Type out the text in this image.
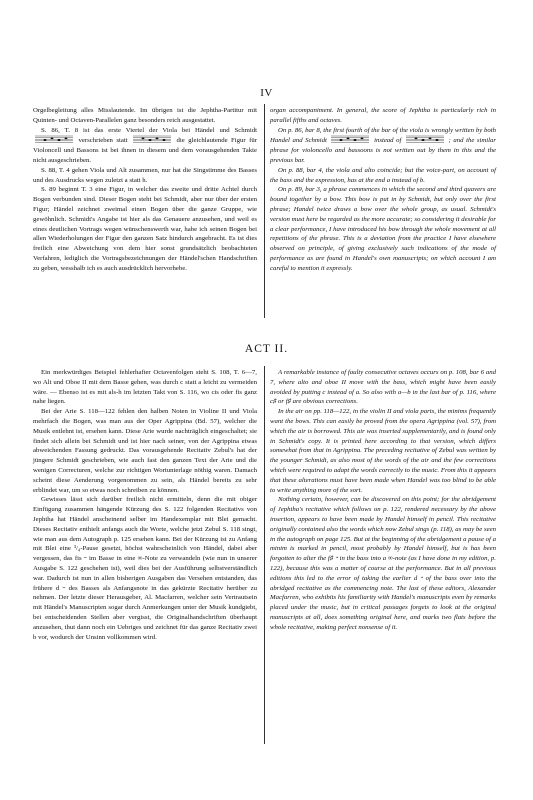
IV

Orgelbegleitung alles Misslautende. Im übrigen ist die Jephtha-Partitur mit Quinten- und Octaven-Parallelen ganz besonders reich ausgestattet.

S. 86, T. 8 ist das erste Viertel der Viola bei Händel und Schmidt
verschrieben statt	die gleichlautende Figur für Violoncell und Bassons ist bei ihnen in diesem und dem vorausgehenden Takte nicht ausgeschrieben.

S. 88, T. 4 gehen Viola und Alt zusammen, nur hat die Singstimme des Basses und des Ausdrucks wegen zuletzt a statt h.

S. 89 beginnt T. 3 eine Figur, in welcher das zweite und dritte Achtel durch Bogen verbunden sind. Dieser Bogen steht bei Schmidt, aber nur über der ersten Figur; Händel zeichnet zweimal einen Bogen über die ganze Gruppe, wie gewöhnlich. Schmidt's Angabe ist hier als das Genauere anzusehen, und weil es eines deutlichen Vortrags wegen wünschenswerth war, habe ich seinen Bogen bei allen Wiederholungen der Figur den ganzen Satz hindurch angebracht. Es ist dies freilich eine Abweichung von dem hier sonst grundsätzlich beobachteten Verfahren, lediglich die Vortragsbezeichnungen der Händel'schen Handschriften zu geben, wesshalb ich es auch ausdrücklich hervorhebe.

organ accompaniment. In general, the score of Jephtha is particularly rich in parallel fifths and octaves.

On p. 86, bar 8, the first fourth of the bar of the viola is wrongly written by both Handel and Schmidt	instead of	; and the similar phrase for violoncello and bassoons is not written out by them in this and the previous bar.

On p. 88, bar 4, the viola and alto coincide; but the voice-part, on account of the bass and the expression, has at the end a instead of b.

On p. 89, bar 3, a phrase commences in which the second and third quavers are bound together by a bow. This bow is put in by Schmidt, but only over the first phrase; Handel twice draws a bow over the whole group, as usual. Schmidt's version must here be regarded as the more accurate; so considering it desirable for a clear performance, I have introduced his bow through the whole movement at all repetitions of the phrase. This is a deviation from the practice I have elsewhere observed on principle, of giving exclusively such indications of the mode of performance as are found in Handel's own manuscripts; on which account I am careful to mention it expressly.

ACT II.

Ein merkwürdiges Beispiel fehlerhafter Octavenfolgen steht S. 108, T. 6—7, wo Alt und Oboe II mit dem Basse gehen, was durch c statt a leicht zu vermeiden wäre. — Ebenso ist es mit als-h im letzten Takt von S. 116, wo cis oder fis ganz nahe liegen.

Bei der Arie S. 118—122 fehlen den halben Noten in Violine II und Viola mehrfach die Bogen, was man aus der Oper Agrippina (Bd. 57), welcher die Musik entlehnt ist, ersehen kann. Diese Arie wurde nachträglich eingeschaltet; sie findet sich allein bei Schmidt und ist hier nach seiner, von der Agrippina etwas abweichenden Fassung gedruckt. Das vorausgehende Recitativ Zebul's hat der jüngere Schmidt geschrieben, wie auch fast den ganzen Text der Arie und die wenigen Correcturen, welche zur richtigen Wortunterlage nöthig waren. Damach scheint diese Aenderung vorgenommen zu sein, als Händel bereits zu sehr erblindet war, um so etwas noch schreiben zu können.

Gewisses lässt sich darüber freilich nicht ermitteln, denn die mit obiger Einfügung zusammen hängende Kürzung des S. 122 folgenden Recitativs von Jephtha hat Händel anscheinend selber im Handexemplar mit Blei gemacht. Dieses Recitativ enthielt anfangs auch die Worte, welche jetzt Zebul S. 118 singt, wie man aus dem Autograph p. 125 ersehen kann. Bei der Kürzung ist zu Anfang mit Blei eine ³/₄-Pause gesetzt, höchst wahrscheinlich von Händel, dabei aber vergessen, das fis 𝄼 im Basse in eine ∞-Note zu verwandeln (wie nun in unserer Ausgabe S. 122 geschehen ist), weil dies bei der Ausführung selbstverständlich war. Dadurch ist nun in allen bisherigen Ausgaben das Versehen entstanden, das frühere d 𝄼 des Basses als Anfangsnote in das gekürzte Recitativ herüber zu nehmen. Der letzte dieser Herausgeber, Al. Macfarren, welcher sein Vertrautsein mit Händel's Manuscripten sogar durch Anmerkungen unter der Musik kundgiebt, bei entscheidenden Stellen aber vergisst, die Originalhandschriften überhaupt anzusehen, thut dann noch ein Uebriges und zeichnet für das ganze Recitativ zwei b vor, wodurch der Unsinn vollkommen wird.

A remarkable instance of faulty consecutive octaves occurs on p. 108, bar 6 and 7, where alto and oboe II move with the bass, which might have been easily avoided by putting c instead of a. So also with a—b in the last bar of p. 116, where c♯ or f♯ are obvious corrections.

In the air on pp. 118—122, in the violin II and viola parts, the minims frequently want the bows. This can easily be proved from the opera Agrippina (vol. 57), from which the air is borrowed. This air was inserted supplementarily, and is found only in Schmidt's copy. It is printed here according to that version, which differs somewhat from that in Agrippina. The preceding recitative of Zebul was written by the younger Schmidt, as also most of the words of the air and the few corrections which were required to adapt the words correctly to the music. From this it appears that these alterations must have been made when Handel was too blind to be able to write anything more of the sort.

Nothing certain, however, can be discovered on this point; for the abridgement of Jephtha's recitative which follows on p. 122, rendered necessary by the above insertion, appears to have been made by Handel himself in pencil. This recitative originally contained also the words which now Zebul sings (p. 118), as may be seen in the autograph on page 125. But at the beginning of the abridgement a pause of a minim is marked in pencil, most probably by Handel himself, but is has been forgotten to alter the f♯ 𝄼 in the bass into a ∞-note (as I have done in my edition, p. 122), because this was a matter of course at the performance. But in all previous editions this led to the error of taking the earlier d 𝄼 of the bass over into the abridged recitative as the commencing note. The last of these editors, Alexander Macfarren, who exhibits his familiarity with Handel's manuscripts even by remarks placed under the music, but in critical passages forgets to look at the original manuscripts at all, does something original here, and marks two flats before the whole recitative, making perfect nonsense of it.
